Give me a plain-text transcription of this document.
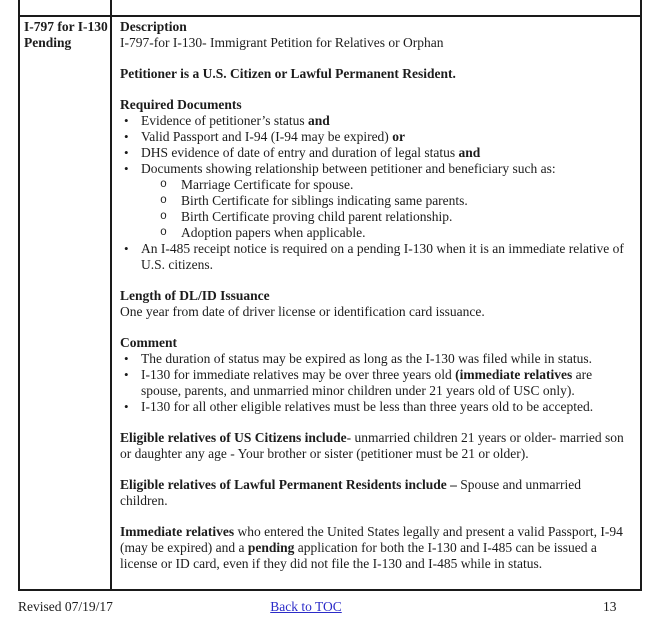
I-797 for I-130
Pending
Description
I-797-for I-130- Immigrant Petition for Relatives or Orphan
Petitioner is a U.S. Citizen or Lawful Permanent Resident.
Required Documents
• Evidence of petitioner’s status and
• Valid Passport and I-94 (I-94 may be expired) or
• DHS evidence of date of entry and duration of legal status and
• Documents showing relationship between petitioner and beneficiary such as:
o	Marriage Certificate for spouse.
o	Birth Certificate for siblings indicating same parents.
o	Birth Certificate proving child parent relationship.
o	Adoption papers when applicable.
• An I-485 receipt notice is required on a pending I-130 when it is an immediate relative of U.S. citizens.
Length of DL/ID Issuance
One year from date of driver license or identification card issuance.
Comment
• The duration of status may be expired as long as the I-130 was filed while in status.
• I-130 for immediate relatives may be over three years old (immediate relatives are spouse, parents, and unmarried minor children under 21 years old of USC only).
• I-130 for all other eligible relatives must be less than three years old to be accepted.
Eligible relatives of US Citizens include- unmarried children 21 years or older- married son or daughter any age - Your brother or sister (petitioner must be 21 or older).
Eligible relatives of Lawful Permanent Residents include – Spouse and unmarried children.
Immediate relatives who entered the United States legally and present a valid Passport, I-94 (may be expired) and a pending application for both the I-130 and I-485 can be issued a license or ID card, even if they did not file the I-130 and I-485 while in status.
Revised 07/19/17	Back to TOC	13
